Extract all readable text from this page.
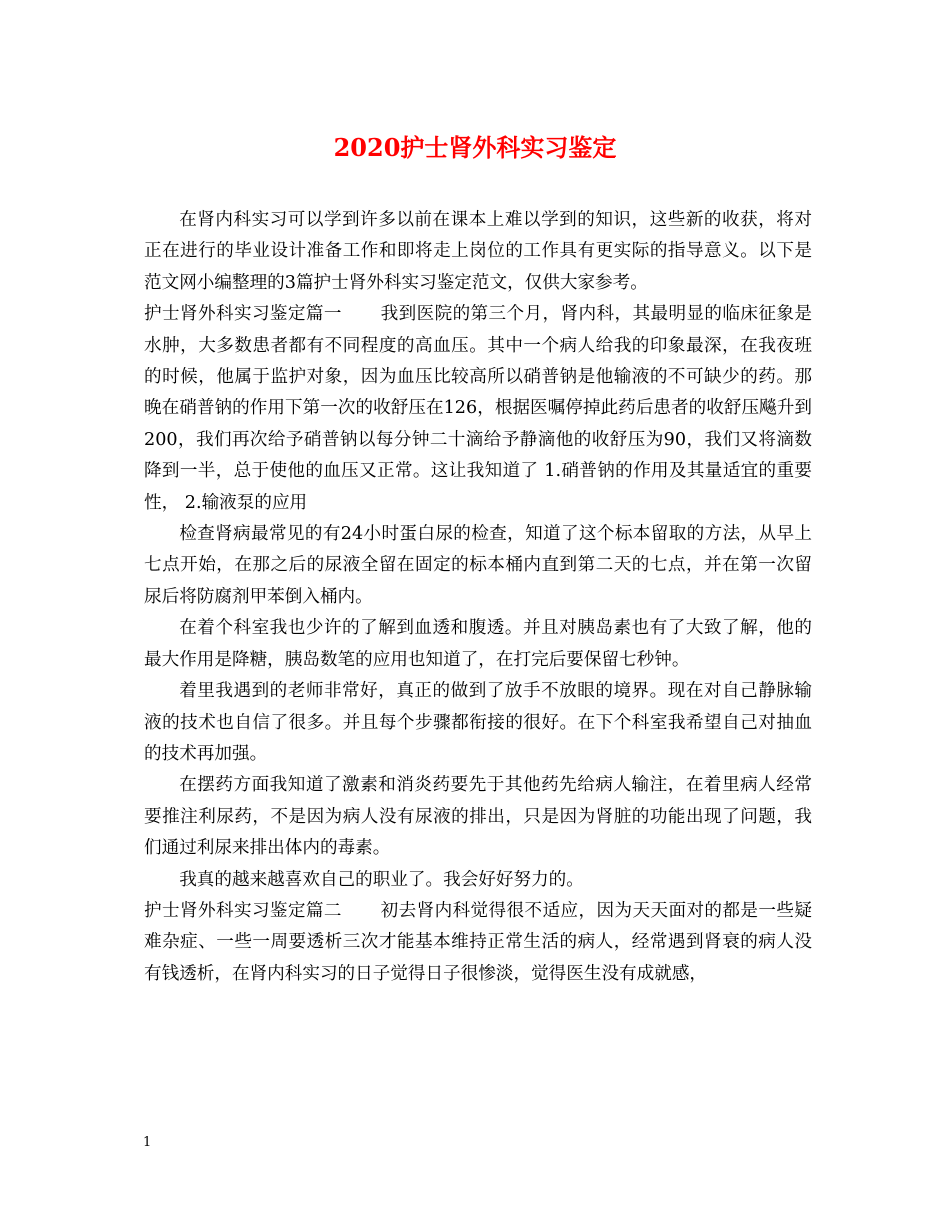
2020护士肾外科实习鉴定

在肾内科实习可以学到许多以前在课本上难以学到的知识，这些新的收获，将对正在进行的毕业设计准备工作和即将走上岗位的工作具有更实际的指导意义。以下是范文网小编整理的3篇护士肾外科实习鉴定范文，仅供大家参考。

护士肾外科实习鉴定篇一 我到医院的第三个月，肾内科，其最明显的临床征象是水肿，大多数患者都有不同程度的高血压。其中一个病人给我的印象最深，在我夜班的时候，他属于监护对象，因为血压比较高所以硝普钠是他输液的不可缺少的药。那晚在硝普钠的作用下第一次的收舒压在126，根据医嘱停掉此药后患者的收舒压飚升到200，我们再次给予硝普钠以每分钟二十滴给予静滴他的收舒压为90，我们又将滴数降到一半，总于使他的血压又正常。这让我知道了 1.硝普钠的作用及其量适宜的重要性， 2.输液泵的应用

检查肾病最常见的有24小时蛋白尿的检查，知道了这个标本留取的方法，从早上七点开始，在那之后的尿液全留在固定的标本桶内直到第二天的七点，并在第一次留尿后将防腐剂甲苯倒入桶内。

在着个科室我也少许的了解到血透和腹透。并且对胰岛素也有了大致了解，他的最大作用是降糖，胰岛数笔的应用也知道了，在打完后要保留七秒钟。

着里我遇到的老师非常好，真正的做到了放手不放眼的境界。现在对自己静脉输液的技术也自信了很多。并且每个步骤都衔接的很好。在下个科室我希望自己对抽血的技术再加强。

在摆药方面我知道了激素和消炎药要先于其他药先给病人输注，在着里病人经常要推注利尿药，不是因为病人没有尿液的排出，只是因为肾脏的功能出现了问题，我们通过利尿来排出体内的毒素。

我真的越来越喜欢自己的职业了。我会好好努力的。

护士肾外科实习鉴定篇二 初去肾内科觉得很不适应，因为天天面对的都是一些疑难杂症、一些一周要透析三次才能基本维持正常生活的病人，经常遇到肾衰的病人没有钱透析，在肾内科实习的日子觉得日子很惨淡，觉得医生没有成就感，

1
